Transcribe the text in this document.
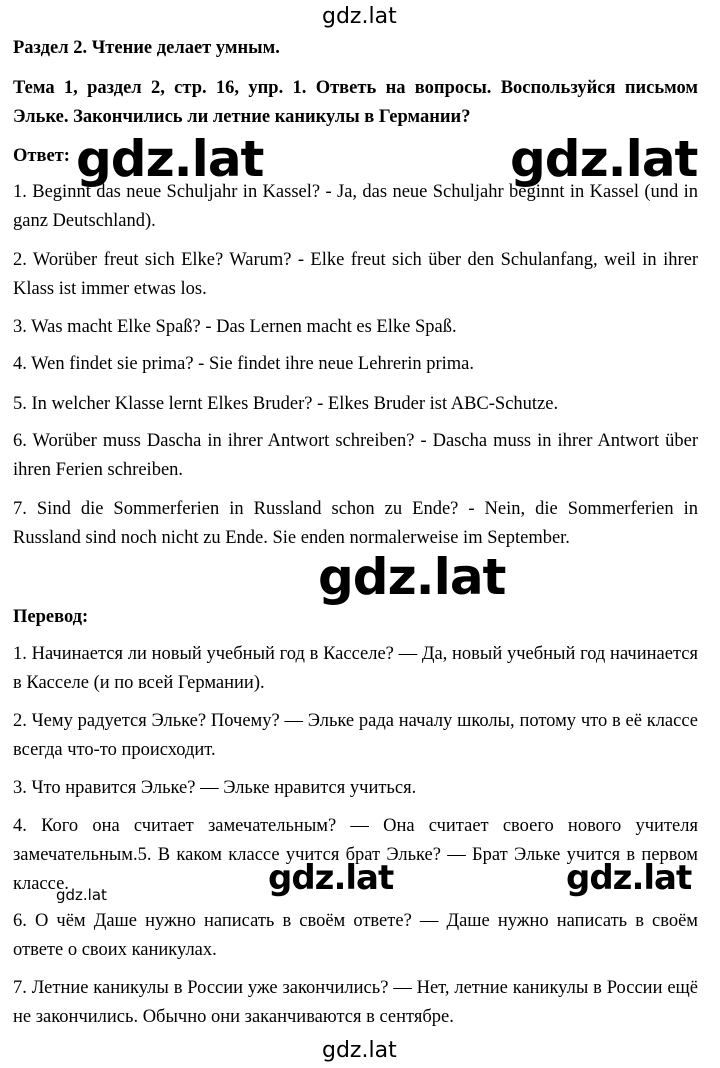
gdz.lat
gdz.lat	gdz.lat
gdz.lat
gdz.lat	gdz.lat
gdz.lat
gdz.lat
Раздел 2. Чтение делает умным.
Тема 1, раздел 2, стр. 16, упр. 1. Ответь на вопросы. Воспользуйся письмом Эльке. Закончились ли летние каникулы в Германии?
Ответ:
1. Beginnt das neue Schuljahr in Kassel? - Ja, das neue Schuljahr beginnt in Kassel (und in ganz Deutschland).
2. Worüber freut sich Elke? Warum? - Elke freut sich über den Schulanfang, weil in ihrer Klass ist immer etwas los.
3. Was macht Elke Spaß? - Das Lernen macht es Elke Spaß.
4. Wen findet sie prima? - Sie findet ihre neue Lehrerin prima.
5. In welcher Klasse lernt Elkes Bruder? - Elkes Bruder ist ABC-Schutze.
6. Worüber muss Dascha in ihrer Antwort schreiben? - Dascha muss in ihrer Antwort über ihren Ferien schreiben.
7. Sind die Sommerferien in Russland schon zu Ende? - Nein, die Sommerferien in Russland sind noch nicht zu Ende. Sie enden normalerweise im September.
Перевод:
1. Начинается ли новый учебный год в Касселе? — Да, новый учебный год начинается в Касселе (и по всей Германии).
2. Чему радуется Эльке? Почему? — Эльке рада началу школы, потому что в её классе всегда что-то происходит.
3. Что нравится Эльке? — Эльке нравится учиться.
4. Кого она считает замечательным? — Она считает своего нового учителя замечательным.5. В каком классе учится брат Эльке? — Брат Эльке учится в первом классе.
6. О чём Даше нужно написать в своём ответе? — Даше нужно написать в своём ответе о своих каникулах.
7. Летние каникулы в России уже закончились? — Нет, летние каникулы в России ещё не закончились. Обычно они заканчиваются в сентябре.
